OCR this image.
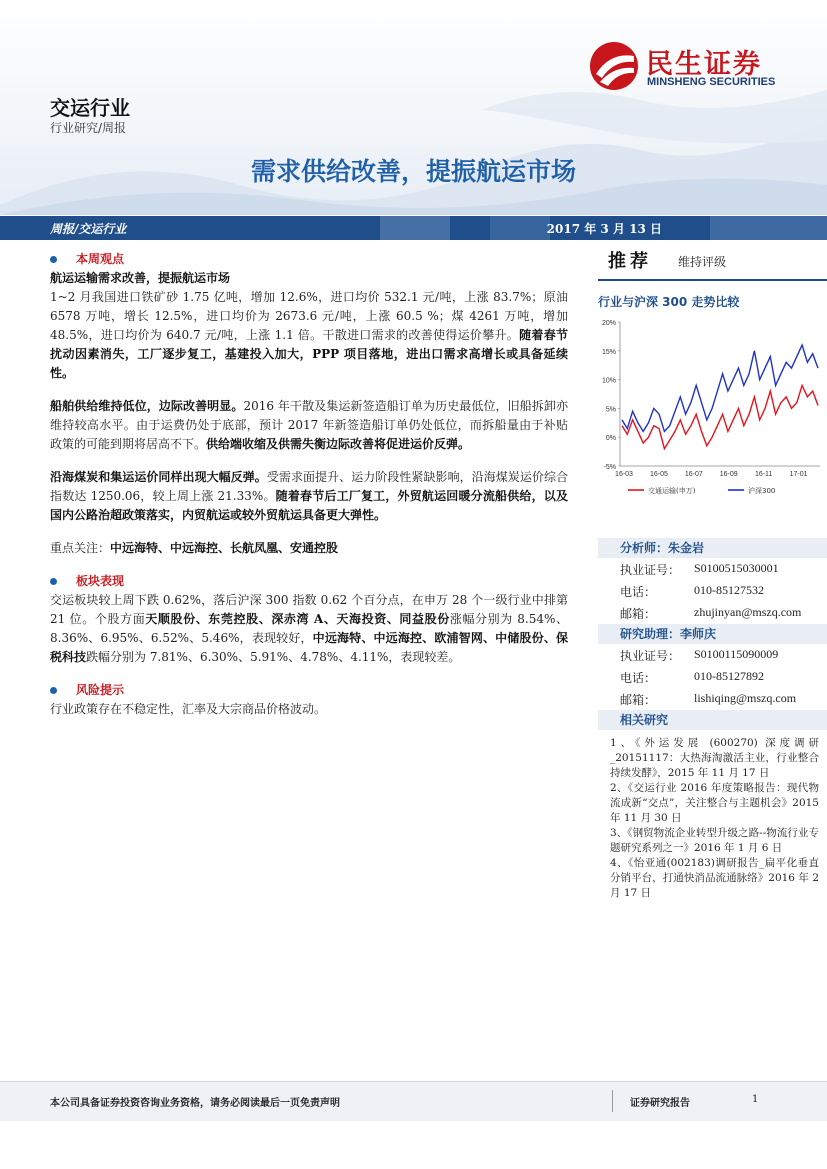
民生证券
MINSHENG SECURITIES
交运行业
行业研究/周报
需求供给改善，提振航运市场
周报/交运行业	2017 年 3 月 13 日
本周观点
航运运输需求改善，提振航运市场
1~2 月我国进口铁矿砂 1.75 亿吨，增加 12.6%，进口均价 532.1 元/吨，上涨 83.7%；原油 6578 万吨，增长 12.5%，进口均价为 2673.6 元/吨，上涨 60.5 %；煤 4261 万吨，增加 48.5%，进口均价为 640.7 元/吨，上涨 1.1 倍。干散进口需求的改善使得运价攀升。随着春节扰动因素消失，工厂逐步复工，基建投入加大，PPP 项目落地，进出口需求高增长或具备延续性。
船舶供给维持低位，边际改善明显。2016 年干散及集运新签造船订单为历史最低位，旧船拆卸亦维持较高水平。由于运费仍处于底部，预计 2017 年新签造船订单仍处低位，而拆船量由于补贴政策的可能到期将居高不下。供给端收缩及供需失衡边际改善将促进运价反弹。
沿海煤炭和集运运价同样出现大幅反弹。受需求面提升、运力阶段性紧缺影响，沿海煤炭运价综合指数达 1250.06，较上周上涨 21.33%。随着春节后工厂复工，外贸航运回暖分流船供给，以及国内公路治超政策落实，内贸航运或较外贸航运具备更大弹性。
重点关注：中远海特、中远海控、长航凤凰、安通控股
板块表现
交运板块较上周下跌 0.62%，落后沪深 300 指数 0.62 个百分点，在申万 28 个一级行业中排第 21 位。个股方面天顺股份、东莞控股、深赤湾 A、天海投资、同益股份涨幅分别为 8.54%、8.36%、6.95%、6.52%、5.46%，表现较好，中远海特、中远海控、欧浦智网、中储股份、保税科技跌幅分别为 7.81%、6.30%、5.91%、4.78%、4.11%，表现较差。
风险提示
行业政策存在不稳定性，汇率及大宗商品价格波动。
推荐 维持评级
行业与沪深 300 走势比较
20%
15%
10%
5%
0%
-5%
16-03 16-05 16-07 16-09 16-11 17-01
交通运输(申万)	沪深300
分析师：朱金岩
执业证号： S0100515030001
电话：	010-85127532
邮箱：	zhujinyan@mszq.com
研究助理：李师庆
执业证号： S0100115090009
电话：	010-85127892
邮箱：	lishiqing@mszq.com
相关研究
1、《外运发展 (600270) 深度调研_20151117：大热海淘激活主业，行业整合持续发酵》，2015 年 11 月 17 日
2、《交运行业 2016 年度策略报告：现代物流成新“交点”，关注整合与主题机会》2015 年 11 月 30 日
3、《钢贸物流企业转型升级之路--物流行业专题研究系列之一》2016 年 1 月 6 日
4、《怡亚通(002183)调研报告_扁平化垂直分销平台，打通快消品流通脉络》2016 年 2 月 17 日
本公司具备证券投资咨询业务资格，请务必阅读最后一页免责声明	证券研究报告	1
